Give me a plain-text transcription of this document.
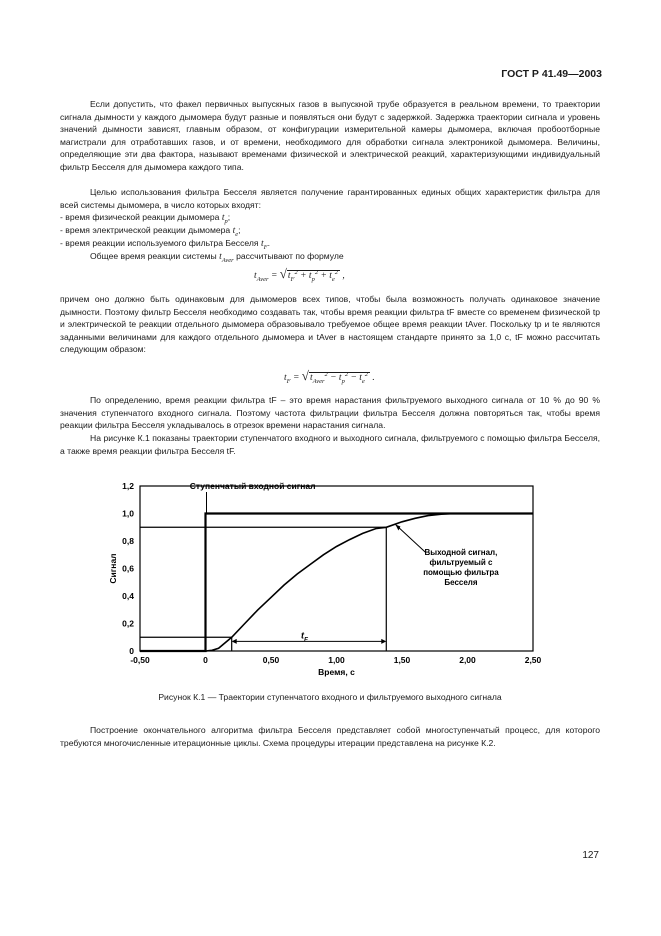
ГОСТ Р 41.49—2003

Если допустить, что факел первичных выпускных газов в выпускной трубе образуется в реальном времени, то траектории сигнала дымности у каждого дымомера будут разные и появляться они будут с задержкой. Задержка траектории сигнала и уровень значений дымности зависят, главным образом, от конфигурации измерительной камеры дымомера, включая пробоотборные магистрали для отработавших газов, и от времени, необходимого для обработки сигнала электроникой дымомера. Величины, определяющие эти два фактора, называют временами физической и электрической реакций, характеризующими индивидуальный фильтр Бесселя для дымомера каждого типа.

Целью использования фильтра Бесселя является получение гарантированных единых общих характеристик фильтра для всей системы дымомера, в число которых входят:

- время физической реакции дымомера $t_p$;
- время электрической реакции дымомера $t_e$;
- время реакции используемого фильтра Бесселя $t_F$.
Общее время реакции системы $t_{Aver}$ рассчитывают по формуле
$t_{Aver} = √t_F^2 + t_p^2 + t_e^2$ ,

причем оно должно быть одинаковым для дымомеров всех типов, чтобы была возможность получать одинаковое значение дымности. Поэтому фильтр Бесселя необходимо создавать так, чтобы время реакции фильтра tF вместе со временем физической tp и электрической te реакции отдельного дымомера образовывало требуемое общее время реакции tAver. Поскольку tp и te являются заданными величинами для каждого отдельного дымомера и tAver в настоящем стандарте принято за 1,0 с, tF можно рассчитать следующим образом:

$t_F = √t_{Aver}^2 - t_p^2 - t_e^2$ .

По определению, время реакции фильтра tF – это время нарастания фильтруемого выходного сигнала от 10 % до 90 % значения ступенчатого входного сигнала. Поэтому частота фильтрации фильтра Бесселя должна повторяться так, чтобы время реакции фильтра Бесселя укладывалось в отрезок времени нарастания сигнала.

На рисунке К.1 показаны траектории ступенчатого входного и выходного сигнала, фильтруемого с помощью фильтра Бесселя, а также время реакции фильтра Бесселя tF.

0
0,2
0,4
0,6
0,8
1,0
1,2
-0,50	0	0,50	1,00	1,50	2,00	2,50
Время, с
Сигнал
$t_F$
Ступенчатый входной сигнал
Выходной сигнал, фильтруемый с помощью фильтра Бесселя
Рисунок К.1 — Траектории ступенчатого входного и фильтруемого выходного сигнала

Построение окончательного алгоритма фильтра Бесселя представляет собой многоступенчатый процесс, для которого требуются многочисленные итерационные циклы. Схема процедуры итерации представлена на рисунке К.2.

127
